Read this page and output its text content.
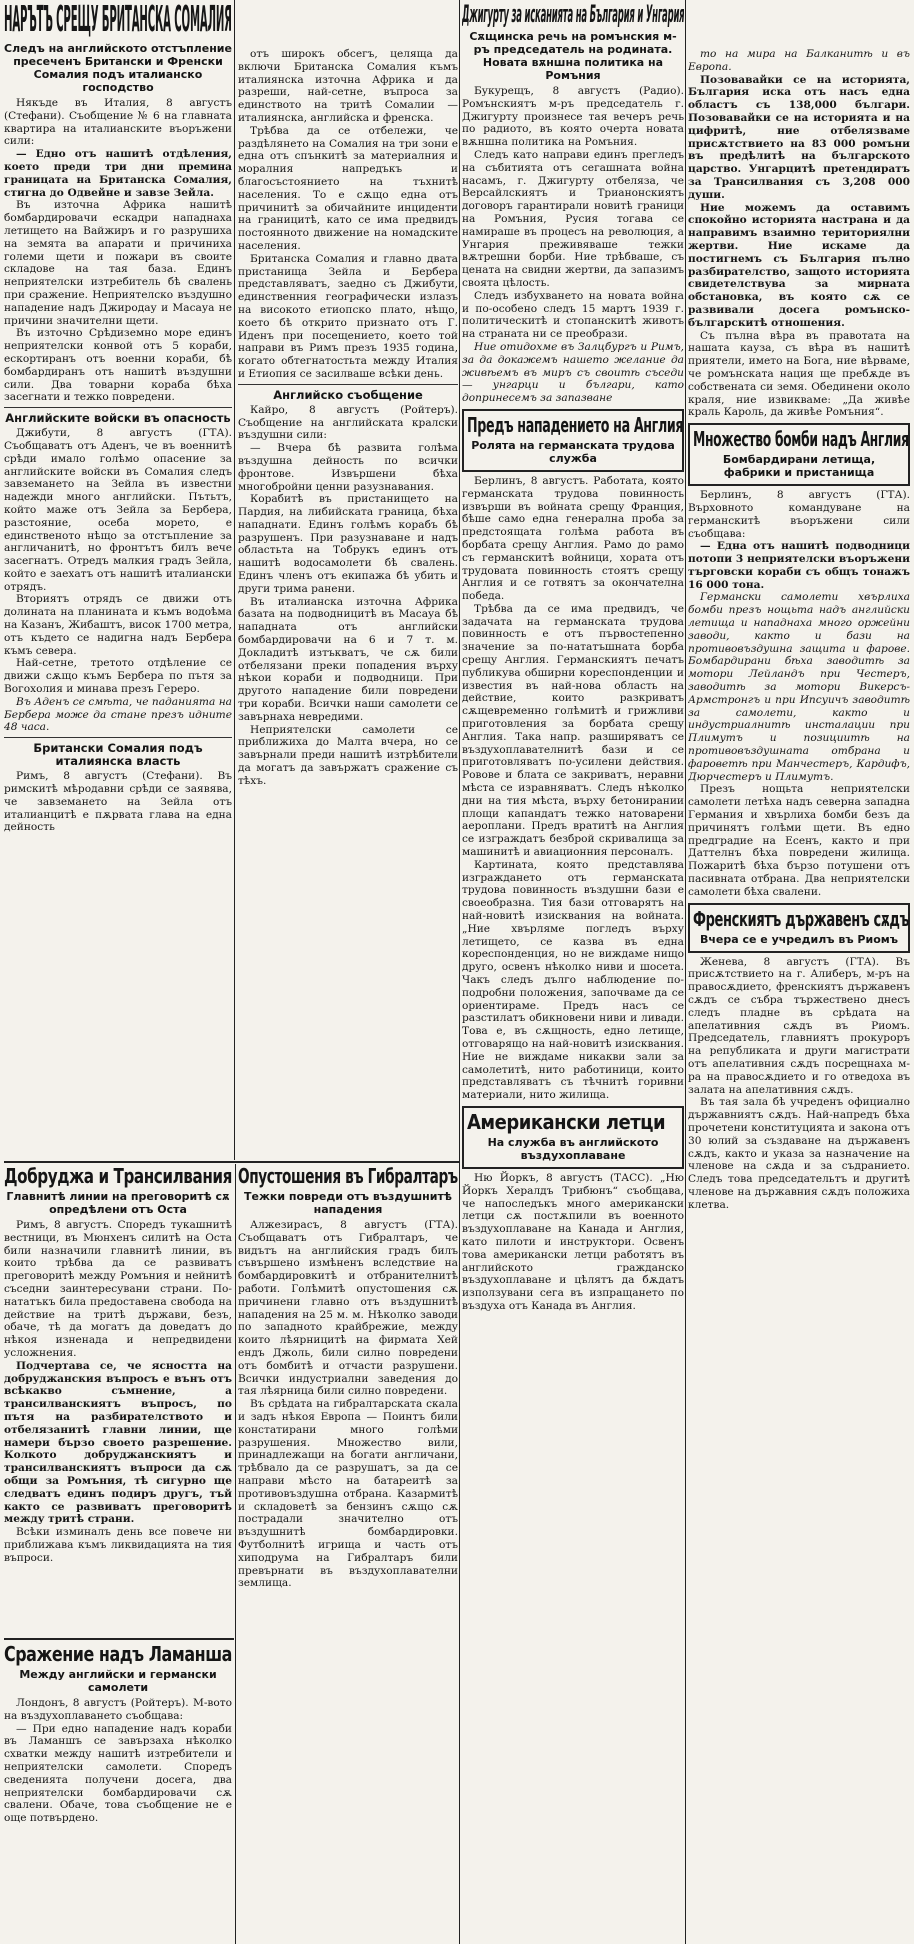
НАРЪТЪ СРЕЩУ БРИТАНСКА СОМАЛИЯ
Следъ на английското отстъпление пресеченъ Британски и Френски Сомалия подъ италианско господство

Някъде въ Италия, 8 августъ (Стефани). Съобщение № 6 на главната квартира на италианските въоръжени сили:

— Едно отъ нашитѣ отдѣления, което преди три дни премина границата на Британска Сомалия, стигна до Одвейне и завзе Зейла.

Въ източна Африка нашитѣ бомбардировачи ескадри нападнаха летището на Вайжиръ и го разрушиха на земята ва апарати и причиниха големи щети и пожари въ своите складове на тая база. Единъ неприятелски изтребитель бѣ свалень при сражение. Неприятелско въздушно нападение надъ Джиродау и Масауа не причини значителни щети.

Въ източно Срѣдиземно море единъ неприятелски конвой отъ 5 кораби, ескортиранъ отъ военни кораби, бѣ бомбардиранъ отъ нашитѣ въздушни сили. Два товарни кораба бѣха засегнати и тежко повредени.

Английските войски въ опасность

Джибути, 8 августъ (ГТА). Съобщаватъ отъ Аденъ, че въ военнитѣ срѣди имало голѣмо опасение за английските войски въ Сомалия следъ завземането на Зейла въ известни надежди много английски. Пътьтъ, който маже отъ Зейла за Бербера, разстояние, осеба морето, е единственото нѣщо за отстъпление за англичанитѣ, но фронтътъ билъ вече засегнатъ. Отредъ малкия градъ Зейла, който е заехатъ отъ нашитѣ италиански отрядъ.

Вториятъ отрядъ се движи отъ долината на планината и къмъ водоѣма на Казанъ, Жибаштъ, висок 1700 метра, отъ където се надигна надъ Бербера къмъ севера.

Най-сетне, третото отдѣление се движи сѫщо къмъ Бербера по пътя за Вогохолия и минава презъ Гереро.

Въ Аденъ се смѣта, че паданията на Бербера може да стане презъ идните 48 часа.

Британски Сомалия подъ италиянска власть

Римъ, 8 августъ (Стефани). Въ римскитѣ мѣродавни срѣди се заявява, че завземането на Зейла отъ италианцитѣ е пѫрвата глава на една дейность

отъ широкъ обсегъ, целяща да включи Британска Сомалия къмъ италиянска източна Африка и да разреши, най-сетне, въпроса за единството на тритѣ Сомалии — италиянска, английска и френска.

Трѣбва да се отбележи, че раздѣлянето на Сомалия на три зони е една отъ спънкитѣ за материалния и моралния напредъкъ и благосъстоянието на тъхнитѣ населения. То е сѫщо една отъ причинитѣ за обичайните инциденти на границитѣ, като се има предвидъ постоянното движение на номадските населения.

Британска Сомалия и главно двата пристанища Зейла и Бербера представляватъ, заедно съ Джибути, единственния географически излазъ на високото етиопско плато, нѣщо, което бѣ открито признато отъ Г. Иденъ при посещението, което той направи въ Римъ презъ 1935 година, когато обтегнатостьта между Италия и Етиопия се засилваше всѣки день.

Английско съобщение

Кайро, 8 августъ (Ройтеръ). Съобщение на английската кралски въздушни сили:

— Вчера бѣ развита голѣма въздушна дейность по всички фронтове. Извършени бѣха многобройни ценни разузнавания.

Корабитѣ въ пристанището на Пардия, на либийската граница, бѣха нападнати. Единъ голѣмъ корабъ бѣ разрушенъ. При разузнаване и надъ областьта на Тобрукъ единъ отъ нашитѣ водосамолети бѣ свалень. Единъ членъ отъ екипажа бѣ убить и други трима ранени.

Въ италианска източна Африка базата на подводницитѣ въ Масауа бѣ нападната отъ английски бомбардировачи на 6 и 7 т. м. Докладитѣ изтъкватъ, че сѫ били отбелязани преки попадения върху нѣкои кораби и подводници. При другото нападение били повредени три кораби. Всички наши самолети се завърнаха невредими.

Неприятелски самолети се приближиха до Малта вчера, но се завърнали преди нашитѣ изтрѣбители да могатъ да завържатъ сражение съ тѣхъ.

Джигурту за исканията на България и Унгария
Сѫщинска речь на ромънския м-ръ председатель на родината. Новата вѫншна политика на Ромъния

Букурещъ, 8 августъ (Радио). Ромънскиятъ м-ръ председатель г. Джигурту произнесе тая вечеръ речь по радиото, въ която очерта новата вѫншна политика на Ромъния.

Следъ като направи единъ прегледъ на събитията отъ сегашната война насамъ, г. Джигурту отбеляза, че Версайлскиятъ и Трианонскиятъ договоръ гарантирали новитѣ граници на Ромъния, Русия тогава се намираше въ процесъ на революция, а Унгария преживяваше тежки вѫтрешни борби. Ние трѣбваше, съ цената на свидни жертви, да запазимъ своята цѣлость.

Следъ избухването на новата война и по-особено следъ 15 мартъ 1939 г. политическитѣ и стопанскитѣ животъ на страната ни се преобрази.

Ние отидохме въ Залцбургъ и Римъ, за да докажемъ нашето желание да живѣемъ въ миръ съ своитѣ съседи — унгарци и българи, като допринесемъ за запазване

Предъ нападението на Англия
Ролята на германската трудова служба

Берлинъ, 8 августъ. Работата, която германската трудова повинность извърши въ войната срещу Франция, бѣше само една генерална проба за предстоящата голѣма работа въ борбата срещу Англия. Рамо до рамо съ германскитѣ войници, хората отъ трудовата повинность стоятъ срещу Англия и се готвятъ за окончателна победа.

Трѣбва да се има предвидъ, че задачата на германската трудова повинность е отъ първостепенно значение за по-нататъшната борба срещу Англия. Германскиятъ печатъ публикува обширни кореспонденции и известия въ най-нова область на действие, които разкриватъ сѫщевременно голѣмитѣ и грижливи приготовления за борбата срещу Англия. Така напр. разширяватъ се въздухоплавателнитѣ бази и се приготовляватъ по-усилени действия. Рововe и блата се закриватъ, неравни мѣста се изравняватъ. Следъ нѣколко дни на тия мѣста, върху бетонирании площи капандатъ тежко натоварени аероплани. Предъ вратитѣ на Англия се изграждатъ безброй скривалища за машинитѣ и авиационния персоналъ.

Картината, която представлява изграждането отъ германската трудова повинность въздушни бази е своеобразна. Тия бази отговарятъ на най-новитѣ изисквания на войната. „Ние хвърляме погледъ върху летището, се казва въ една кореспонденция, но не виждаме нищо друго, освенъ нѣколко ниви и шосета. Чакъ следъ дълго наблюдение по-подробни положения, започваме да се ориентираме. Предъ насъ се разстилатъ обикновени ниви и ливади. Това е, въ сѫщность, едно летище, отговарящо на най-новитѣ изисквания. Ние не виждаме никакви зали за самолетитѣ, нито работиници, които представляватъ съ тѣчнитѣ горивни материали, нито жилища.

Американски летци
На служба въ английското въздухоплаване

Ню Йоркъ, 8 августъ (ТАСС). „Ню Йоркъ Хералдъ Трибюнъ“ съобщава, че напоследъкъ много американски летци сѫ постѫпили въ военното въздухоплаване на Канада и Англия, като пилоти и инструктори. Освенъ това американски летци работятъ въ английското гражданско въздухоплаване и цѣлятъ да бѫдатъ използувани сега въ изпращането по въздуха отъ Канада въ Англия.

то на мира на Балканитѣ и въ Европа.

Позовавайки се на историята, България иска отъ насъ една областъ съ 138,000 българи. Позовавайки се на историята и на цифритѣ, ние отбелязваме присѫтствието на 83 000 ромъни въ предѣлитѣ на българското царство. Унгарцитѣ претендиратъ за Трансилвания съ 3,208 000 души.

Ние можемъ да оставимъ спокойно историята настрана и да направимъ взаимно териториялни жертви. Ние искаме да постигнемъ съ България пълно разбирателство, защото историята свидетелствува за мирната обстановка, въ която сѫ се развивали досега ромънско-българскитѣ отношения.

Съ пълна вѣра въ правотата на нашата кауза, съ вѣра въ нашитѣ приятели, името на Бога, ние вѣрваме, че ромънската нация ще пребѫде въ собствената си земя. Обединени около краля, ние извикваме: „Да живѣе краль Кароль, да живѣе Ромъния“.

Множество бомби надъ Англия
Бомбардирани летища, фабрики и пристанища

Берлинъ, 8 августъ (ГТА). Върховното командуване на германскитѣ въоръжени сили съобщава:

— Една отъ нашитѣ подводници потопи 3 неприятелски въоръжени търговски кораби съ общъ тонажъ 16 000 тона.

Германски самолети хвърлиха бомби презъ нощьта надъ английски летища и нападнаха много оржейни заводи, както и бази на противовъздушна защита и фарове. Бомбардирани бѣха заводитѣ за мотори Лейландъ при Честеръ, заводитѣ за мотори Викерсъ-Армстронгъ и при Ипсуичъ заводитѣ за самолети, както и индустриалнитѣ инсталации при Плимутъ и позициитѣ на противовъздушната отбрана и фароветѣ при Манчестеръ, Кардифъ, Дюрчестеръ и Плимутъ.

Презъ нощьта неприятелски самолети летѣха надъ северна западна Германия и хвърлиха бомби безъ да причинятъ голѣми щети. Въ едно предградие на Есенъ, както и при Даттелнъ бѣха повредени жилища. Пожаритѣ бѣха бързо потушени отъ пасивната отбрана. Два неприятелски самолети бѣха свалени.

Френскиятъ държавенъ сѫдъ
Вчера се е учредилъ въ Риомъ

Женева, 8 августъ (ГТА). Въ присѫтствието на г. Алиберъ, м-ръ на правосѫдието, френскиятъ държавенъ сѫдъ се събра тържествено днесъ следъ пладне въ срѣдата на апелативния сѫдъ въ Риомъ. Председатель, главниятъ прокуроръ на републиката и други магистрати отъ апелативния сѫдъ посрещнаха м-ра на правосѫдието и го отведоха въ залата на апелативния сѫдъ.

Въ тая зала бѣ учреденъ официално държавниятъ сѫдъ. Най-напредъ бѣха прочетени конституцията и закона отъ 30 юлий за създаване на държавенъ сѫдъ, както и указа за назначение на членове на сѫда и за съдранието. Следъ това председательтъ и другитѣ членове на държавния сѫдъ положиха клетва.

Добруджа и Трансилвания
Главнитѣ линии на преговоритѣ сѫ опредѣлени отъ Оста

Римъ, 8 августъ. Споредъ тукашнитѣ вестници, въ Мюнхенъ силитѣ на Оста били назначили главнитѣ линии, въ които трѣбва да се развиватъ преговоритѣ между Ромъния и нейнитѣ съседни заинтересувани страни. По-нататъкъ била предоставена свобода на действие на тритѣ държави, безъ, обаче, тѣ да могатъ да доведатъ до нѣкоя изненада и непредвидени усложнения.

Подчертава се, че ясността на добруджанския въпросъ е вънъ отъ всѣкакво съмнение, а трансилванскиятъ въпросъ, по пътя на разбирателството и отбелязанитѣ главни линии, ще намери бързо своето разрешение. Колкото добруджанскиятъ и трансилванскиятъ въпроси да сѫ общи за Ромъния, тѣ сигурно ще следватъ единъ подиръ другъ, тъй както се развиватъ преговоритѣ между тритѣ страни.

Всѣки изминалъ день все повече ни приближава къмъ ликвидацията на тия въпроси.

Опустошения въ Гибралтаръ
Тежки повреди отъ въздушнитѣ нападения

Алжезирасъ, 8 августъ (ГТА). Съобщаватъ отъ Гибралтаръ, че видътъ на английския градъ билъ съвършено измѣненъ вследствие на бомбардировкитѣ и отбранителнитѣ работи. Голѣмитѣ опустошения сѫ причинени главно отъ въздушнитѣ нападения на 25 м. м. Нѣколко заводи по западното крайбрежие, между които лѣярницитѣ на фирмата Хей ендъ Джоль, били силно повредени отъ бомбитѣ и отчасти разрушени. Всички индустриални заведения до тая лѣярница били силно повредени.

Въ срѣдата на гибралтарската скала и задъ нѣкоя Европа — Поинтъ били констатирани много голѣми разрушения. Множество вили, принадлежащи на богати англичани, трѣбвало да се разрушатъ, за да се направи мѣсто на батареитѣ за противовъздушна отбрана. Казармитѣ и складоветѣ за бензинъ сѫщо сѫ пострадали значително отъ въздушнитѣ бомбардировки. Футболнитѣ игрища и часть отъ хиподрума на Гибралтаръ били превърнати въ въздухоплавателни землища.

Сражение надъ Ламанша
Между английски и германски самолети

Лондонъ, 8 августъ (Ройтеръ). М-вото на въздухоплаването съобщава:

— При едно нападение надъ кораби въ Ламаншъ се завързаха нѣколко схватки между нашитѣ изтребители и неприятелски самолети. Споредъ сведенията получени досега, два неприятелски бомбардировачи сѫ свалени. Обаче, това съобщение не е още потвърдено.
